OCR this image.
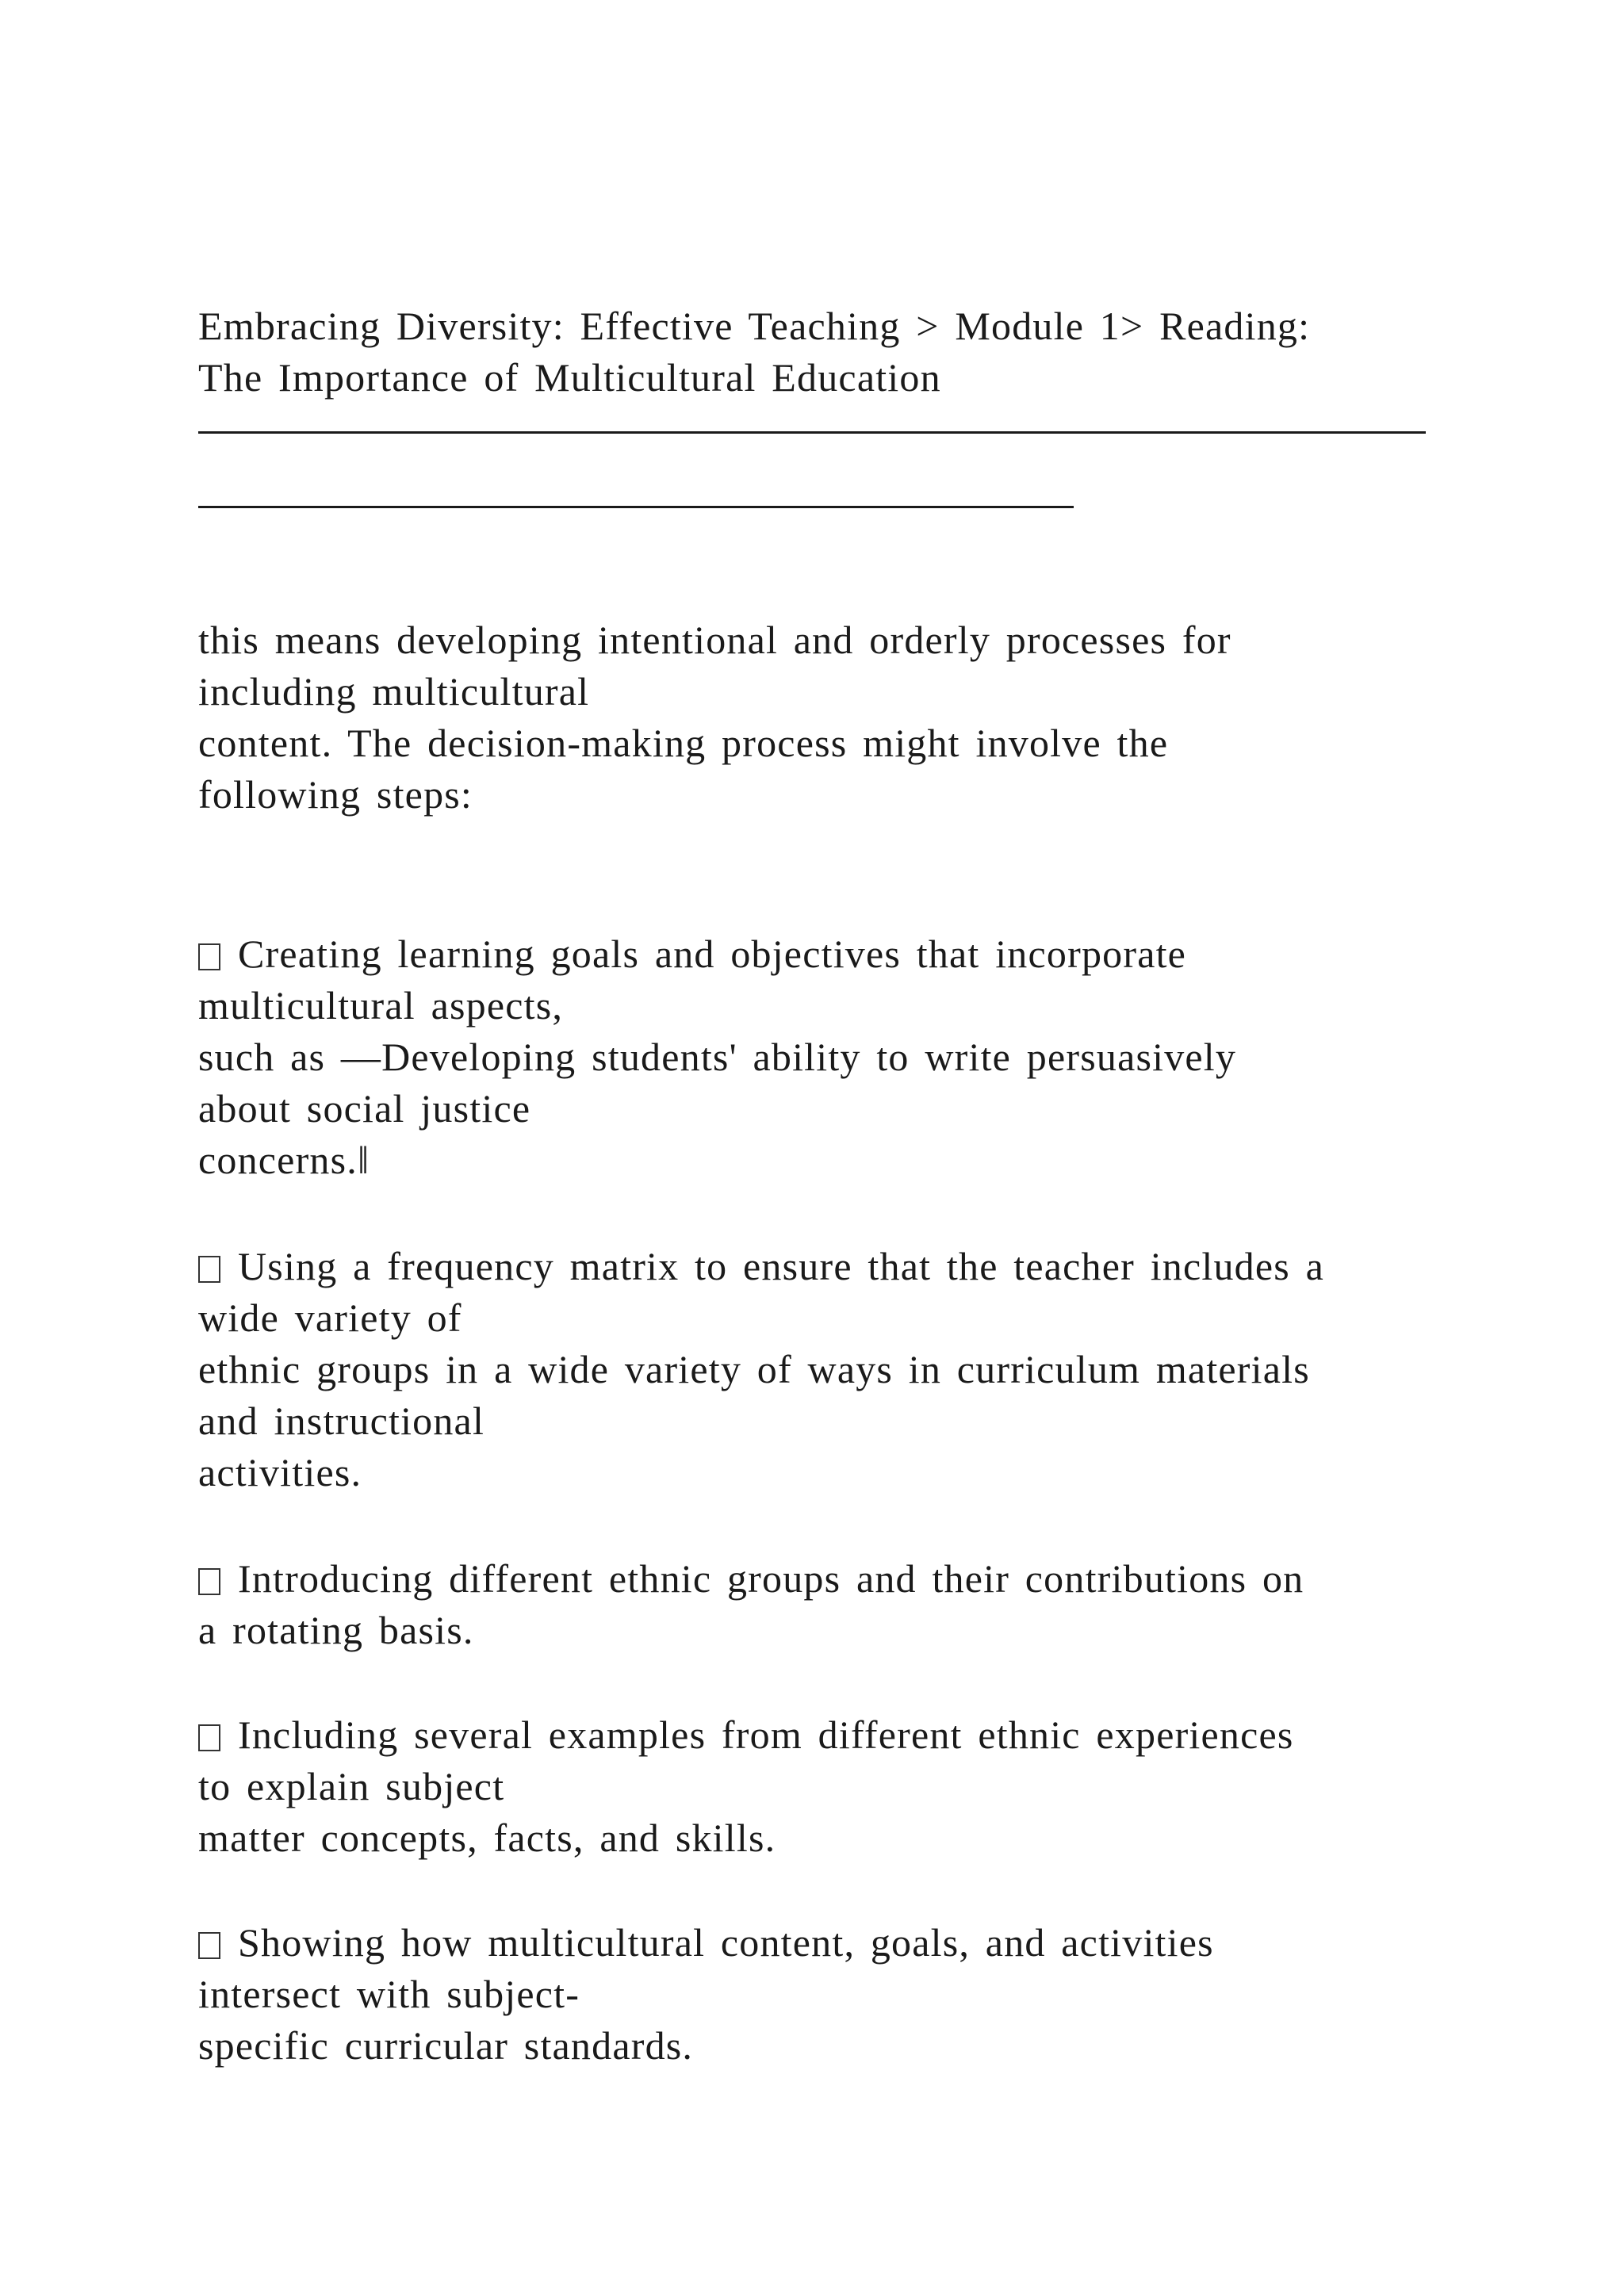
Embracing Diversity: Effective Teaching > Module 1> Reading:
The Importance of Multicultural Education
this means developing intentional and orderly processes for
including multicultural
content. The decision-making process might involve the
following steps:
Creating learning goals and objectives that incorporate
multicultural aspects,
such as —Developing students' ability to write persuasively
about social justice
concerns.‖
Using a frequency matrix to ensure that the teacher includes a
wide variety of
ethnic groups in a wide variety of ways in curriculum materials
and instructional
activities.
Introducing different ethnic groups and their contributions on
a rotating basis.
Including several examples from different ethnic experiences
to explain subject
matter concepts, facts, and skills.
Showing how multicultural content, goals, and activities
intersect with subject-
specific curricular standards.
